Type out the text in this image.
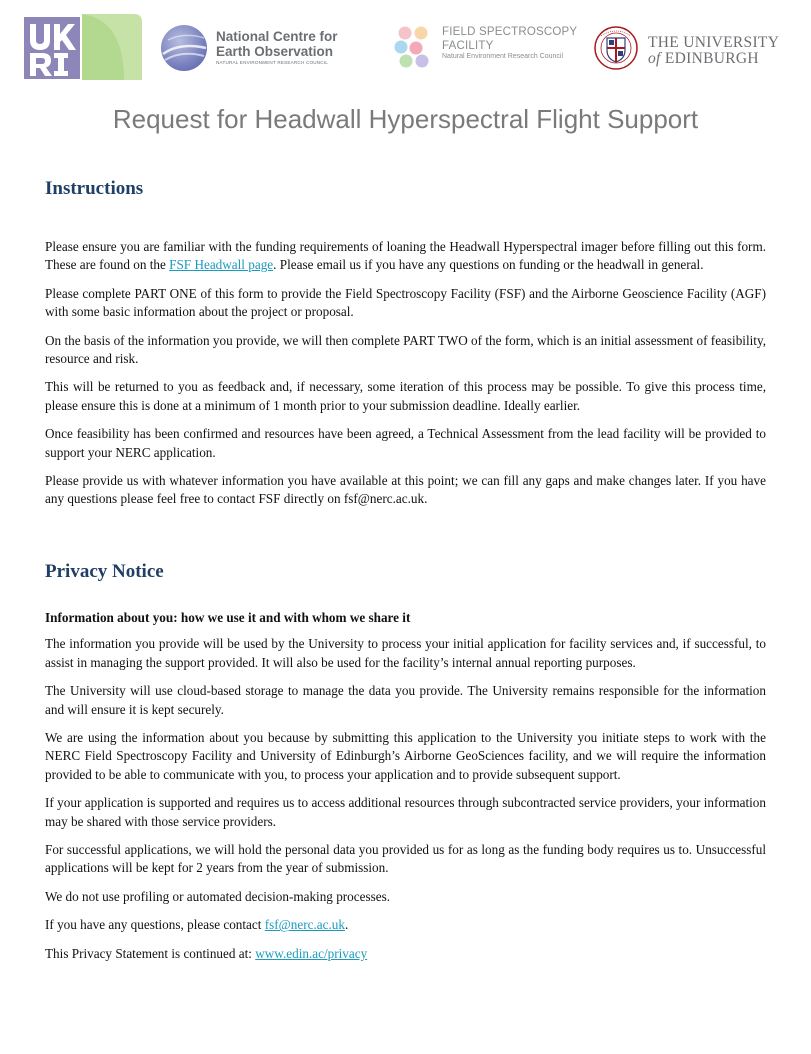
National Centre for
Earth Observation
NATURAL ENVIRONMENT RESEARCH COUNCIL
FIELD SPECTROSCOPY
FACILITY
Natural Environment Research Council
THE UNIVERSITY
of EDINBURGH
Request for Headwall Hyperspectral Flight Support
Instructions

Please ensure you are familiar with the funding requirements of loaning the Headwall Hyperspectral imager before filling out this form. These are found on the FSF Headwall page. Please email us if you have any questions on funding or the headwall in general.

Please complete PART ONE of this form to provide the Field Spectroscopy Facility (FSF) and the Airborne Geoscience Facility (AGF) with some basic information about the project or proposal.

On the basis of the information you provide, we will then complete PART TWO of the form, which is an initial assessment of feasibility, resource and risk.

This will be returned to you as feedback and, if necessary, some iteration of this process may be possible. To give this process time, please ensure this is done at a minimum of 1 month prior to your submission deadline. Ideally earlier.

Once feasibility has been confirmed and resources have been agreed, a Technical Assessment from the lead facility will be provided to support your NERC application.

Please provide us with whatever information you have available at this point; we can fill any gaps and make changes later. If you have any questions please feel free to contact FSF directly on fsf@nerc.ac.uk.

Privacy Notice

Information about you: how we use it and with whom we share it

The information you provide will be used by the University to process your initial application for facility services and, if successful, to assist in managing the support provided. It will also be used for the facility’s internal annual reporting purposes.

The University will use cloud-based storage to manage the data you provide. The University remains responsible for the information and will ensure it is kept securely.

We are using the information about you because by submitting this application to the University you initiate steps to work with the NERC Field Spectroscopy Facility and University of Edinburgh’s Airborne GeoSciences facility, and we will require the information provided to be able to communicate with you, to process your application and to provide subsequent support.

If your application is supported and requires us to access additional resources through subcontracted service providers, your information may be shared with those service providers.

For successful applications, we will hold the personal data you provided us for as long as the funding body requires us to. Unsuccessful applications will be kept for 2 years from the year of submission.

We do not use profiling or automated decision-making processes.

If you have any questions, please contact fsf@nerc.ac.uk.

This Privacy Statement is continued at: www.edin.ac/privacy
